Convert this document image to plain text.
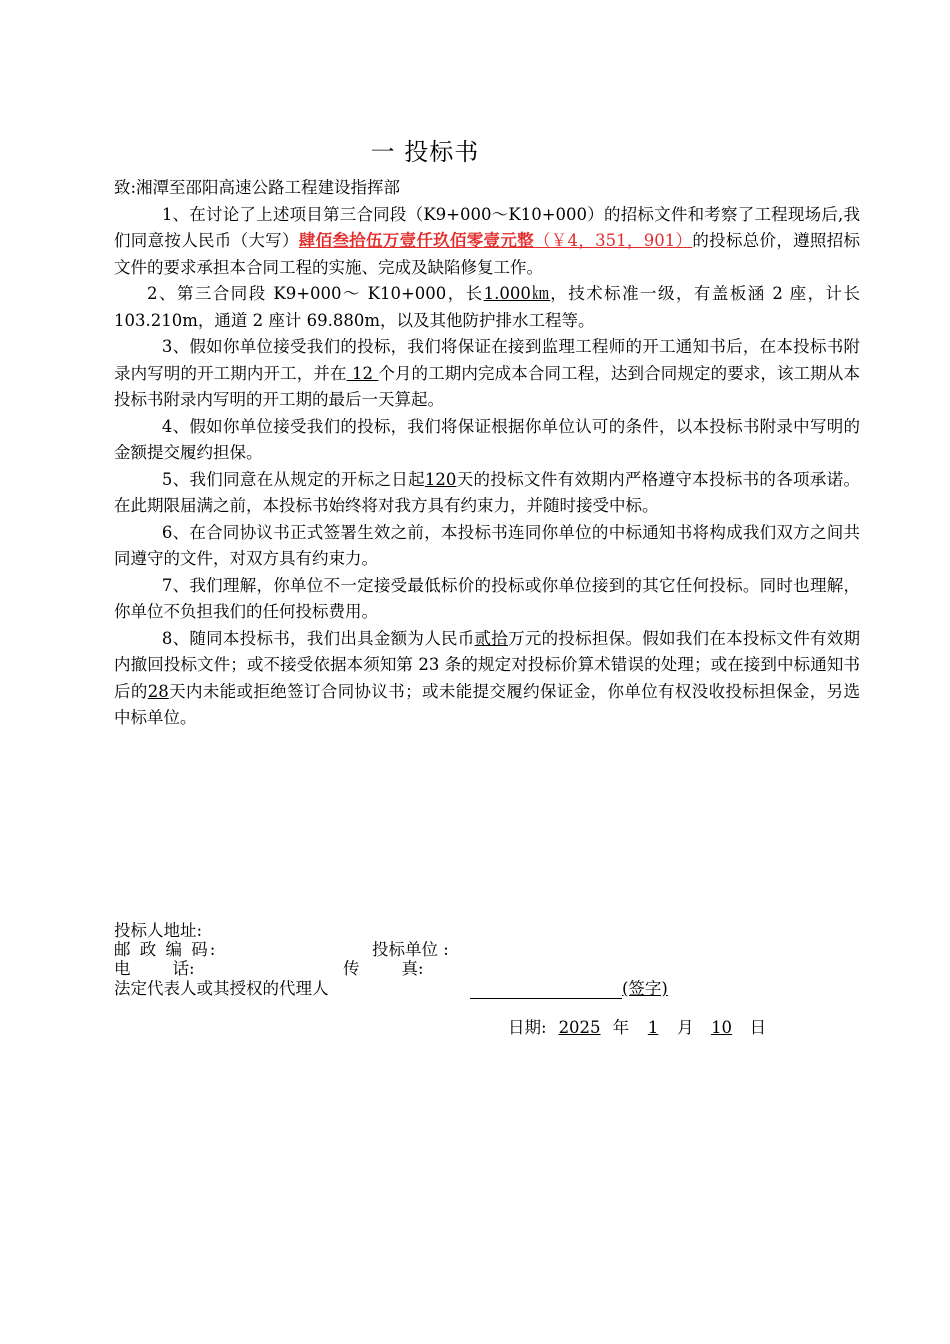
一 投标书

致:湘潭至邵阳高速公路工程建设指挥部

1、在讨论了上述项目第三合同段（K9+000～K10+000）的招标文件和考察了工程现场后,我们同意按人民币（大写）肆佰叁拾伍万壹仟玖佰零壹元整（￥4，351，901）的投标总价，遵照招标文件的要求承担本合同工程的实施、完成及缺陷修复工作。

2、第三合同段 K9+000～ K10+000，长1.000㎞，技术标准一级，有盖板涵 2 座，计长 103.210m，通道 2 座计 69.880m，以及其他防护排水工程等。

3、假如你单位接受我们的投标，我们将保证在接到监理工程师的开工通知书后，在本投标书附录内写明的开工期内开工，并在 12 个月的工期内完成本合同工程，达到合同规定的要求，该工期从本投标书附录内写明的开工期的最后一天算起。

4、假如你单位接受我们的投标，我们将保证根据你单位认可的条件，以本投标书附录中写明的金额提交履约担保。

5、我们同意在从规定的开标之日起120天的投标文件有效期内严格遵守本投标书的各项承诺。在此期限届满之前，本投标书始终将对我方具有约束力，并随时接受中标。

6、在合同协议书正式签署生效之前，本投标书连同你单位的中标通知书将构成我们双方之间共同遵守的文件，对双方具有约束力。

7、我们理解，你单位不一定接受最低标价的投标或你单位接到的其它任何投标。同时也理解，你单位不负担我们的任何投标费用。

8、随同本投标书，我们出具金额为人民币贰拾万元的投标担保。假如我们在本投标文件有效期内撤回投标文件；或不接受依据本须知第 23 条的规定对投标价算术错误的处理；或在接到中标通知书后的28天内未能或拒绝签订合同协议书；或未能提交履约保证金，你单位有权没收投标担保金，另选中标单位。

投标人地址:
邮 政 编 码:	投标单位 :
电        话:	传        真:
法定代表人或其授权的代理人	(签字)
日期: 2025 年 1 月 10 日
